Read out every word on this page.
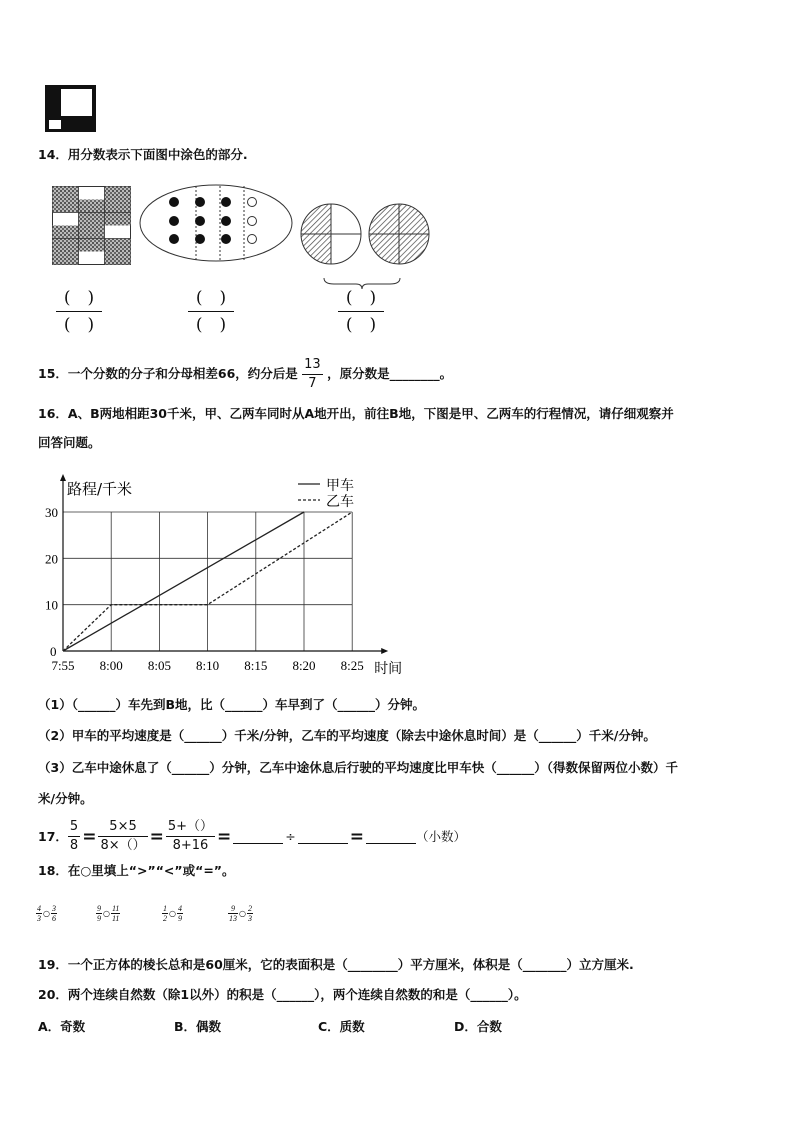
14．用分数表示下面图中涂色的部分.
(　)
(　)
(　)
(　)
(　)
(　)
15．一个分数的分子和分母相差66，约分后是 $\frac{13}{7}$ ，原分数是________。
16．A、B两地相距30千米，甲、乙两车同时从A地开出，前往B地，下图是甲、乙两车的行程情况，请仔细观察并
回答问题。
0
10
20
30
7:55 8:00 8:05 8:10 8:15 8:20 8:25
路程/千米
时间
甲车
乙车
（1）（______）车先到B地，比（______）车早到了（______）分钟。
（2）甲车的平均速度是（______）千米/分钟，乙车的平均速度（除去中途休息时间）是（______）千米/分钟。
（3）乙车中途休息了（______）分钟，乙车中途休息后行驶的平均速度比甲车快（______）（得数保留两位小数）千
米/分钟。
17． $\frac{5}{8} = \frac{5\times 5}{8\times()} = \frac{5+()}{8+16}$ =	÷	=	（小数）
18．在○里填上“>”“<”或“=”。
$\frac{4}{3}$ ○ $\frac{3}{6}$	$\frac{9}{9}$ ○ $\frac{11}{11}$	$\frac{1}{2}$ ○ $\frac{4}{9}$	$\frac{9}{13}$ ○ $\frac{2}{3}$
19．一个正方体的棱长总和是60厘米，它的表面积是（________）平方厘米，体积是（_______）立方厘米.
20．两个连续自然数（除1以外）的积是（______），两个连续自然数的和是（______）。
A．奇数	B．偶数	C．质数	D．合数
